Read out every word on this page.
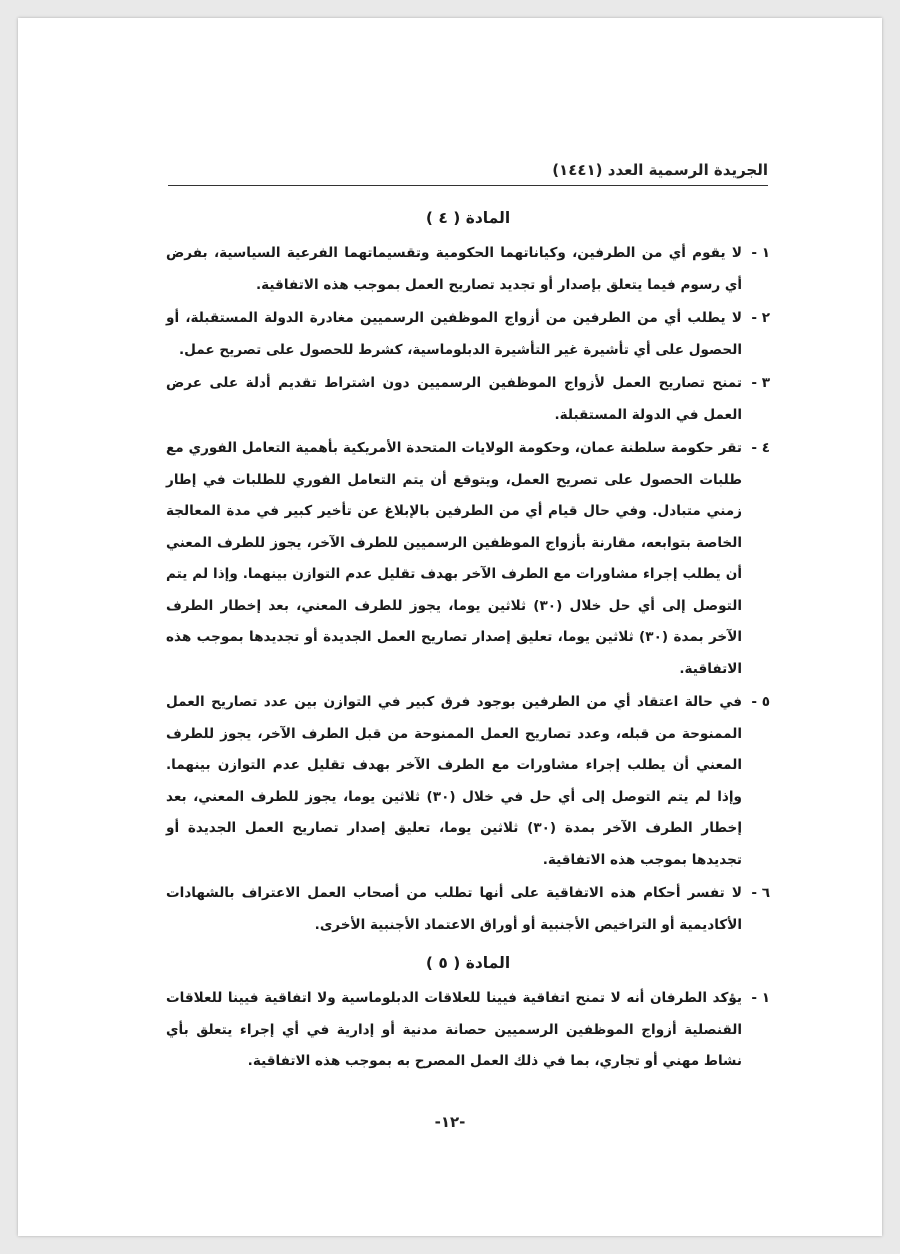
الجريدة الرسمية العدد (١٤٤١)
المادة ( ٤ )
١ -
لا يقوم أي من الطرفين، وكياناتهما الحكومية وتقسيماتهما الفرعية السياسية، بفرض أي رسوم فيما يتعلق بإصدار أو تجديد تصاريح العمل بموجب هذه الاتفاقية.
٢ -
لا يطلب أي من الطرفين من أزواج الموظفين الرسميين مغادرة الدولة المستقبلة، أو الحصول على أي تأشيرة غير التأشيرة الدبلوماسية، كشرط للحصول على تصريح عمل.
٣ -
تمنح تصاريح العمل لأزواج الموظفين الرسميين دون اشتراط تقديم أدلة على عرض العمل في الدولة المستقبلة.
٤ -
تقر حكومة سلطنة عمان، وحكومة الولايات المتحدة الأمريكية بأهمية التعامل الفوري مع طلبات الحصول على تصريح العمل، ويتوقع أن يتم التعامل الفوري للطلبات في إطار زمني متبادل. وفي حال قيام أي من الطرفين بالإبلاغ عن تأخير كبير في مدة المعالجة الخاصة بتوابعه، مقارنة بأزواج الموظفين الرسميين للطرف الآخر، يجوز للطرف المعني أن يطلب إجراء مشاورات مع الطرف الآخر بهدف تقليل عدم التوازن بينهما. وإذا لم يتم التوصل إلى أي حل خلال (٣٠) ثلاثين يوما، يجوز للطرف المعني، بعد إخطار الطرف الآخر بمدة (٣٠) ثلاثين يوما، تعليق إصدار تصاريح العمل الجديدة أو تجديدها بموجب هذه الاتفاقية.
٥ -
في حالة اعتقاد أي من الطرفين بوجود فرق كبير في التوازن بين عدد تصاريح العمل الممنوحة من قبله، وعدد تصاريح العمل الممنوحة من قبل الطرف الآخر، يجوز للطرف المعني أن يطلب إجراء مشاورات مع الطرف الآخر بهدف تقليل عدم التوازن بينهما. وإذا لم يتم التوصل إلى أي حل في خلال (٣٠) ثلاثين يوما، يجوز للطرف المعني، بعد إخطار الطرف الآخر بمدة (٣٠) ثلاثين يوما، تعليق إصدار تصاريح العمل الجديدة أو تجديدها بموجب هذه الاتفاقية.
٦ -
لا تفسر أحكام هذه الاتفاقية على أنها تطلب من أصحاب العمل الاعتراف بالشهادات الأكاديمية أو التراخيص الأجنبية أو أوراق الاعتماد الأجنبية الأخرى.
المادة ( ٥ )
١ -
يؤكد الطرفان أنه لا تمنح اتفاقية فيينا للعلاقات الدبلوماسية ولا اتفاقية فيينا للعلاقات القنصلية أزواج الموظفين الرسميين حصانة مدنية أو إدارية في أي إجراء يتعلق بأي نشاط مهني أو تجاري، بما في ذلك العمل المصرح به بموجب هذه الاتفاقية.
-١٢-
